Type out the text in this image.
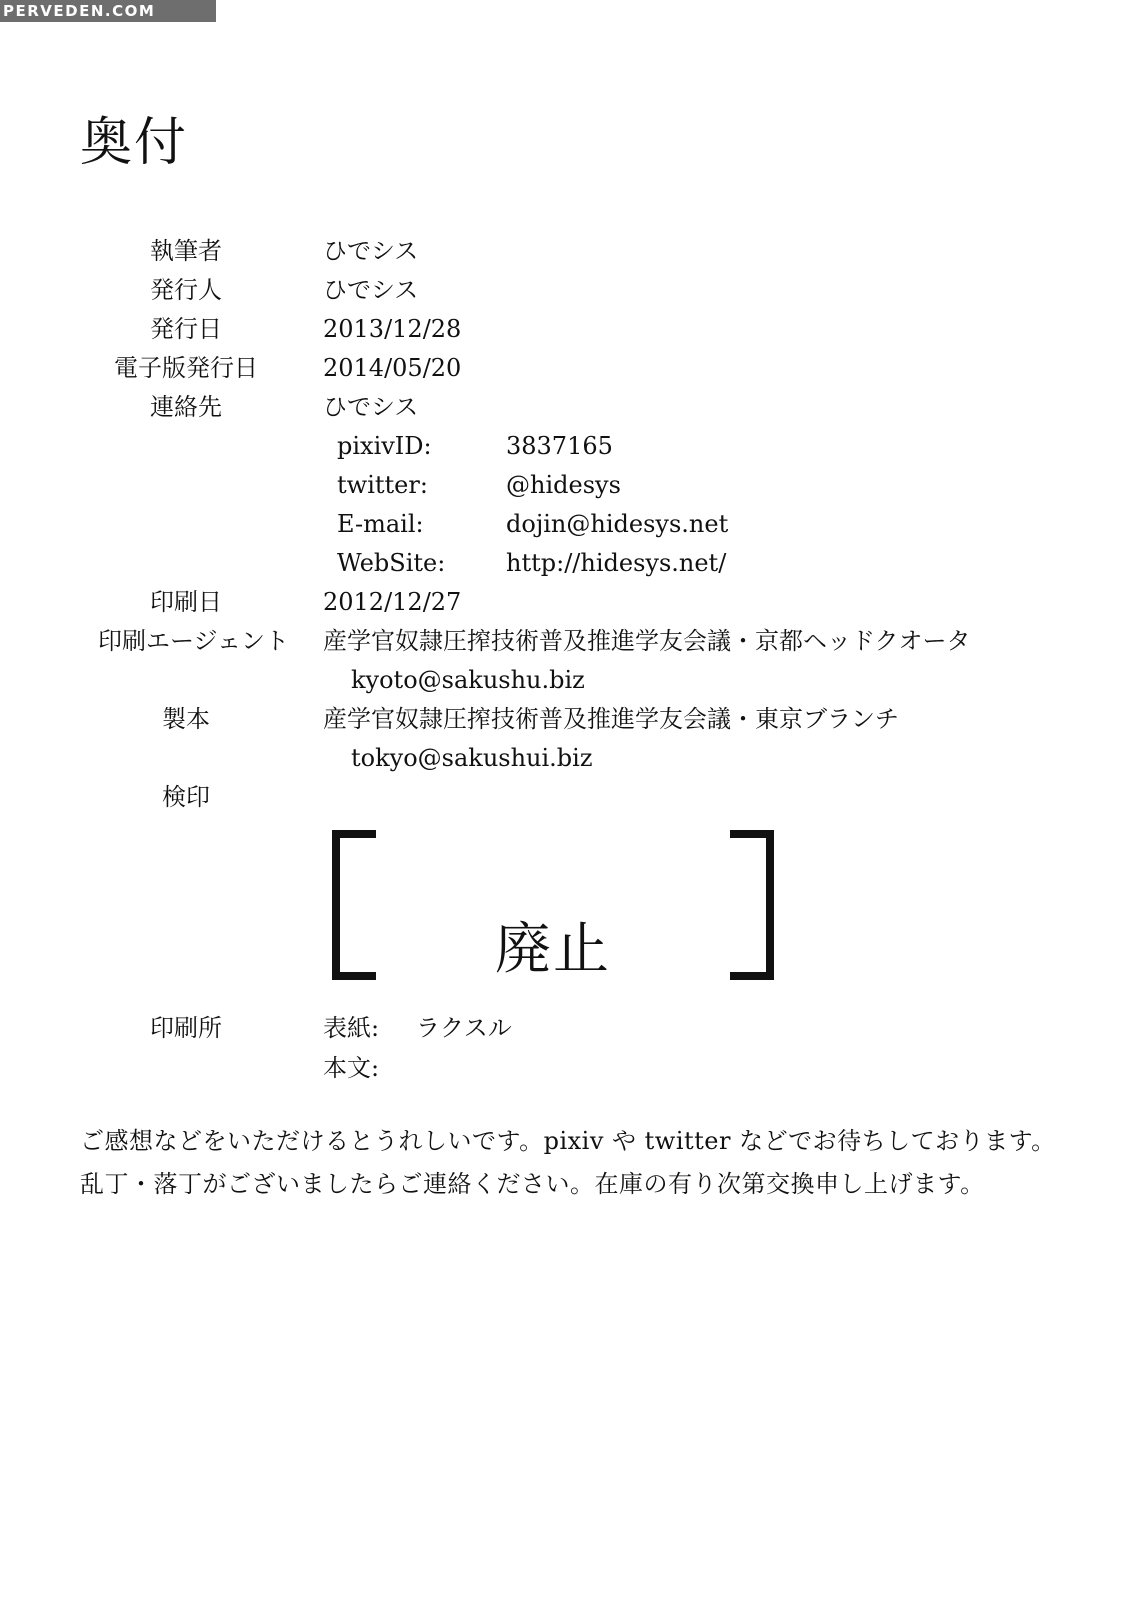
PERVEDEN.COM
奥付
執筆者	ひでシス
発行人	ひでシス
発行日	2013/12/28
電子版発行日	2014/05/20
連絡先	ひでシス
pixivID:	3837165
twitter:	@hidesys
E-mail:	dojin@hidesys.net
WebSite:	http://hidesys.net/
印刷日	2012/12/27
印刷エージェント 産学官奴隷圧搾技術普及推進学友会議・京都ヘッドクオータ
kyoto@sakushu.biz
製本	産学官奴隷圧搾技術普及推進学友会議・東京ブランチ
tokyo@sakushui.biz
検印
廃止
印刷所	表紙: ラクスル
本文:
ご感想などをいただけるとうれしいです。pixiv や twitter などでお待ちしております。
乱丁・落丁がございましたらご連絡ください。在庫の有り次第交換申し上げます。
